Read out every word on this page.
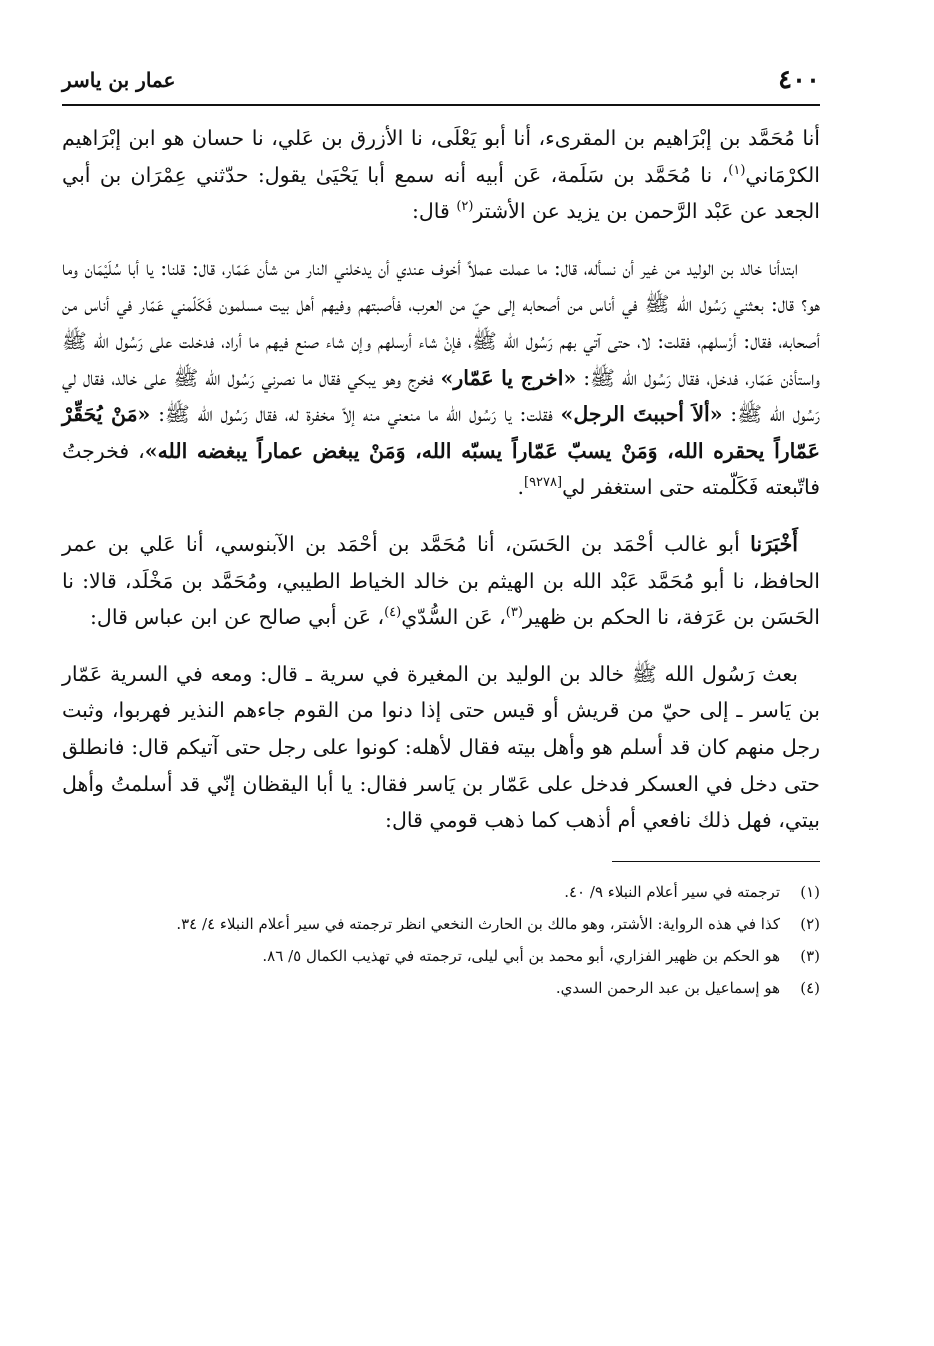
٤٠٠
عمار بن ياسر

أنا مُحَمَّد بن إبْرَاهيم بن المقرىء، أنا أبو يَعْلَى، نا الأزرق بن عَلي، نا حسان هو ابن إبْرَاهيم الكرْمَاني$^{(١)}$، نا مُحَمَّد بن سَلَمة، عَن أبيه أنه سمع أبا يَحْيَىٰ يقول: حدّثني عِمْرَان بن أبي الجعد عن عَبْد الرَّحمن بن يزيد عن الأشتر$^{(٢)}$ قال:

ابتدأنا خالد بن الوليد من غير أن نسأله، قال: ما عملت عملاً أخوف عندي أن يدخلني النار من شأن عَمّار، قال: قلنا: يا أبا سُلَيْمَان وما هو؟ قال: بعثني رَسُول الله ﷺ في أناس من أصحابه إلى حيّ من العرب، فأصبتهم وفيهم أهل بيت مسلمون فَكَلّمني عَمّار في أناس من أصحابه، فقال: أرْسلهم، فقلت: لا، حتى آتي بهم رَسُول الله ﷺ، فإنْ شاء أرسلهم وإن شاء صنع فيهم ما أراد، فدخلت على رَسُول الله ﷺ واستأذن عَمّار، فدخل، فقال رَسُول الله ﷺ: «اخرج يا عَمّار» فخرج وهو يبكي فقال ما نصرني رَسُول الله ﷺ على خالد، فقال لي رَسُول الله ﷺ: «ألاَ أحببتَ الرجل» فقلت: يا رَسُول الله ما منعني منه إلاّ مخفرة له، فقال رَسُول الله ﷺ: «مَنْ يُحَقِّرْ عَمّاراً يحقره الله، وَمَنْ يسبّ عَمّاراً يسبّه الله، وَمَنْ يبغض عماراً يبغضه الله»، فخرجتُ فاتّبعته فَكَلّمته حتى استغفر لي[٩٢٧٨].

أَخْبَرَنا أبو غالب أحْمَد بن الحَسَن، أنا مُحَمَّد بن أحْمَد بن الآبنوسي، أنا عَلي بن عمر الحافظ، نا أبو مُحَمَّد عَبْد الله بن الهيثم بن خالد الخياط الطيبي، ومُحَمَّد بن مَخْلَد، قالا: نا الحَسَن بن عَرَفة، نا الحكم بن ظهير$^{(٣)}$، عَن السُّدّي$^{(٤)}$، عَن أبي صالح عن ابن عباس قال:

بعث رَسُول الله ﷺ خالد بن الوليد بن المغيرة في سرية ـ قال: ومعه في السرية عَمّار بن يَاسر ـ إلى حيّ من قريش أو قيس حتى إذا دنوا من القوم جاءهم النذير فهربوا، وثبت رجل منهم كان قد أسلم هو وأهل بيته فقال لأهله: كونوا على رجل حتى آتيكم قال: فانطلق حتى دخل في العسكر فدخل على عَمّار بن يَاسر فقال: يا أبا اليقظان إنّي قد أسلمتُ وأهل بيتي، فهل ذلك نافعي أم أذهب كما ذهب قومي قال:

(١)
ترجمته في سير أعلام النبلاء ٩/ ٤٠.
(٢)
كذا في هذه الرواية: الأشتر، وهو مالك بن الحارث النخعي انظر ترجمته في سير أعلام النبلاء ٤/ ٣٤.
(٣)
هو الحكم بن ظهير الفزاري، أبو محمد بن أبي ليلى، ترجمته في تهذيب الكمال ٥/ ٨٦.
(٤)
هو إسماعيل بن عبد الرحمن السدي.
